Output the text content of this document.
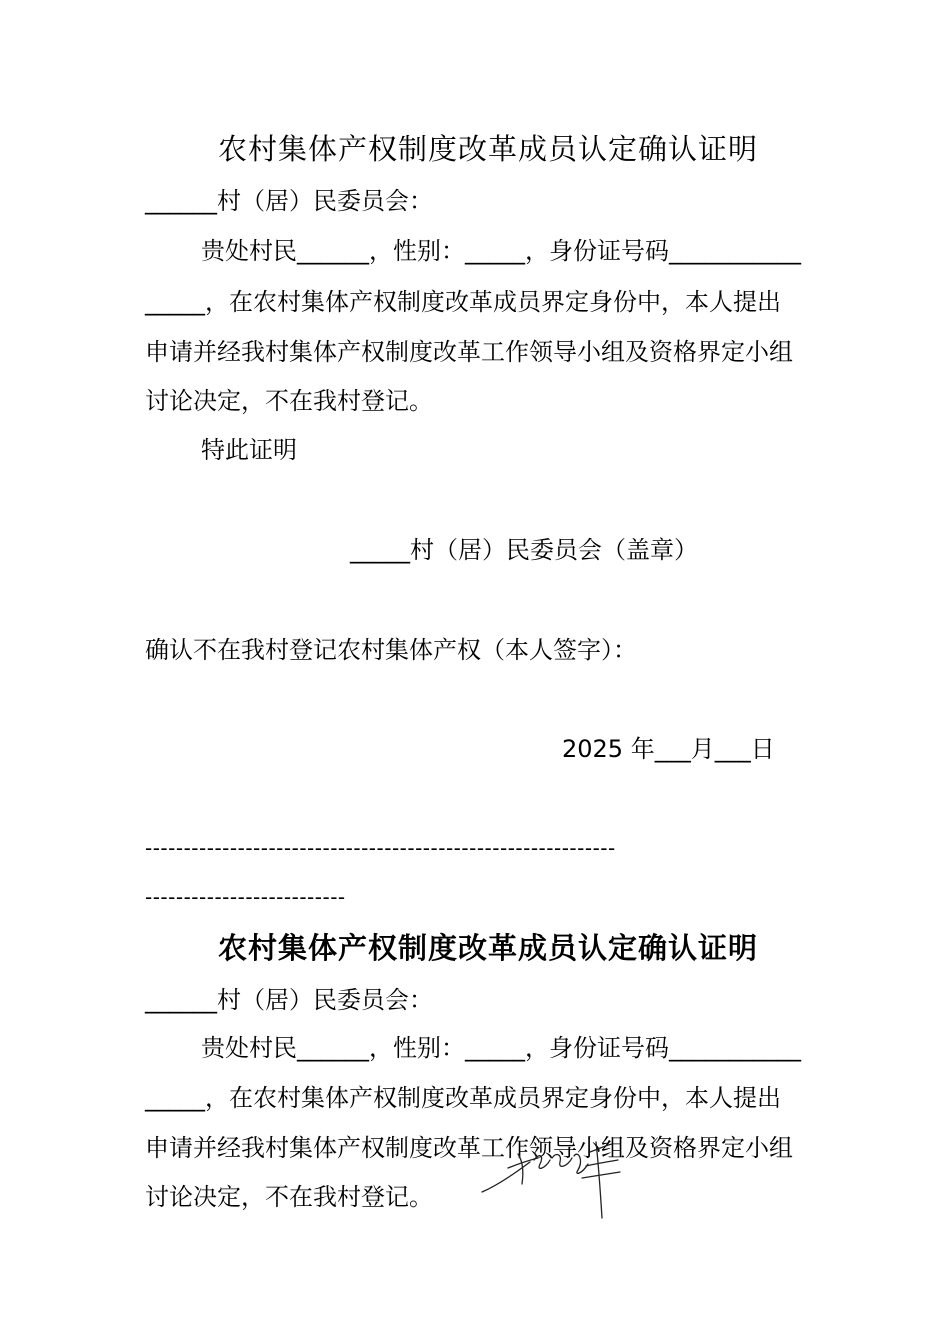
农村集体产权制度改革成员认定确认证明
______村（居）民委员会：
贵处村民______，性别：_____，身份证号码___________
_____，在农村集体产权制度改革成员界定身份中，本人提出
申请并经我村集体产权制度改革工作领导小组及资格界定小组
讨论决定，不在我村登记。
特此证明
_____村（居）民委员会（盖章）
确认不在我村登记农村集体产权（本人签字）：
2025 年___月___日
-------------------------------------------------------------
--------------------------
农村集体产权制度改革成员认定确认证明
______村（居）民委员会：
贵处村民______，性别：_____，身份证号码___________
_____，在农村集体产权制度改革成员界定身份中，本人提出
申请并经我村集体产权制度改革工作领导小组及资格界定小组
讨论决定，不在我村登记。
